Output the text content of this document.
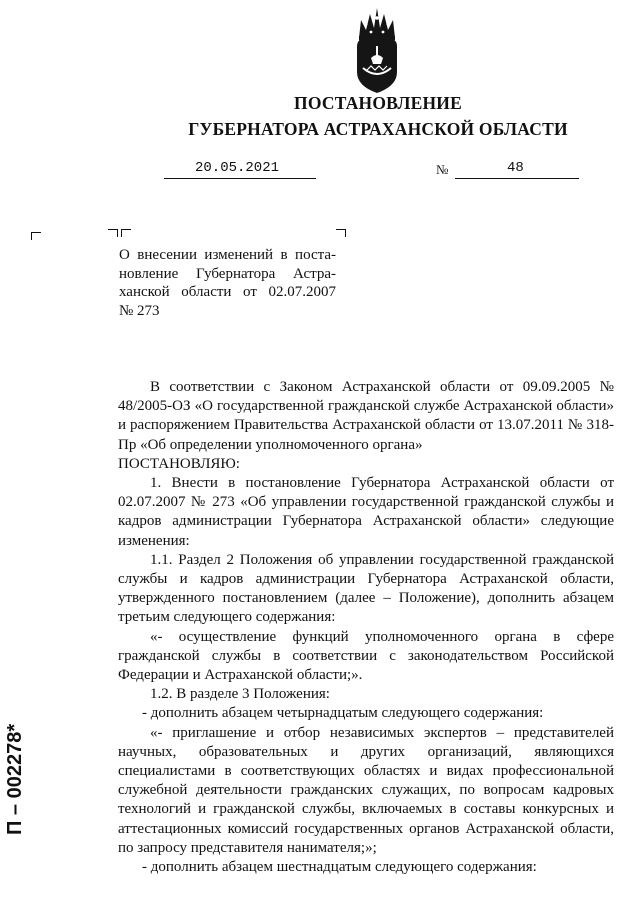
ПОСТАНОВЛЕНИЕ
ГУБЕРНАТОРА АСТРАХАНСКОЙ ОБЛАСТИ
20.05.2021	№	48
О внесении изменений в поста-
новление Губернатора Астра-
ханской области от 02.07.2007
№ 273

В соответствии с Законом Астраханской области от 09.09.2005 № 48/2005-ОЗ «О государственной гражданской службе Астраханской области» и распоряжением Правительства Астраханской области от 13.07.2011 № 318-Пр «Об определении уполномоченного органа»

ПОСТАНОВЛЯЮ:

1. Внести в постановление Губернатора Астраханской области от 02.07.2007 № 273 «Об управлении государственной гражданской службы и кадров администрации Губернатора Астраханской области» следующие изменения:

1.1. Раздел 2 Положения об управлении государственной гражданской службы и кадров администрации Губернатора Астраханской области, утвержденного постановлением (далее – Положение), дополнить абзацем третьим следующего содержания:

«- осуществление функций уполномоченного органа в сфере гражданской службы в соответствии с законодательством Российской Федерации и Астраханской области;».

1.2. В разделе 3 Положения:

- дополнить абзацем четырнадцатым следующего содержания:

«- приглашение и отбор независимых экспертов – представителей научных, образовательных и других организаций, являющихся специалистами в соответствующих областях и видах профессиональной служебной деятельности гражданских служащих, по вопросам кадровых технологий и гражданской службы, включаемых в составы конкурсных и аттестационных комиссий государственных органов Астраханской области, по запросу представителя нанимателя;»;

- дополнить абзацем шестнадцатым следующего содержания:

П – 002278*
